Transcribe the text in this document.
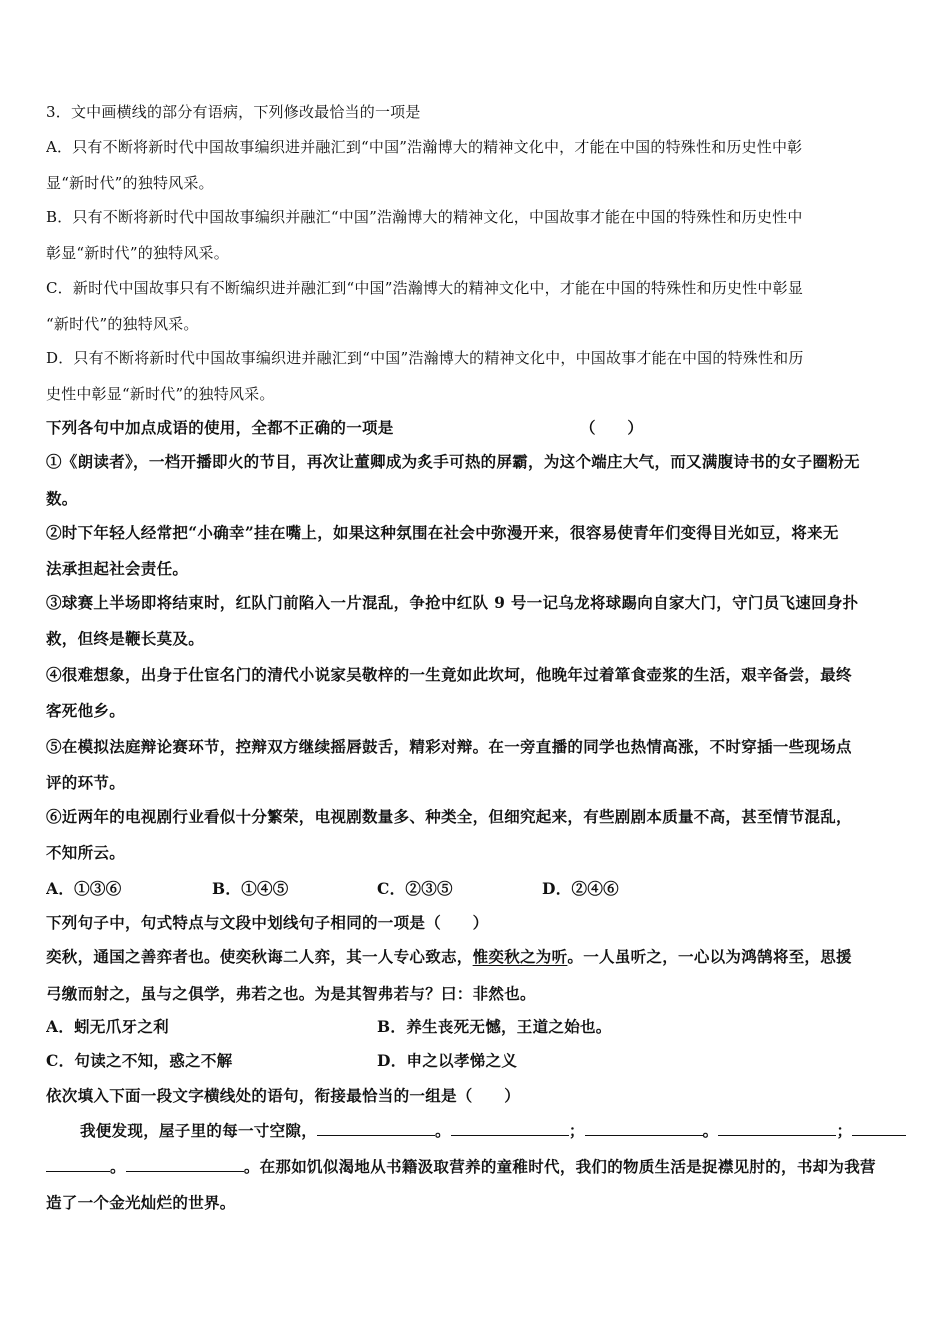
3．文中画横线的部分有语病，下列修改最恰当的一项是
A．只有不断将新时代中国故事编织进并融汇到“中国”浩瀚博大的精神文化中，才能在中国的特殊性和历史性中彰
显“新时代”的独特风采。
B．只有不断将新时代中国故事编织并融汇“中国”浩瀚博大的精神文化，中国故事才能在中国的特殊性和历史性中
彰显“新时代”的独特风采。
C．新时代中国故事只有不断编织进并融汇到“中国”浩瀚博大的精神文化中，才能在中国的特殊性和历史性中彰显
“新时代”的独特风采。
D．只有不断将新时代中国故事编织进并融汇到“中国”浩瀚博大的精神文化中，中国故事才能在中国的特殊性和历
史性中彰显“新时代”的独特风采。
下列各句中加点成语的使用，全都不正确的一项是	（　　）
①《朗读者》，一档开播即火的节目，再次让董卿成为炙手可热的屏霸，为这个端庄大气，而又满腹诗书的女子圈粉无
数。
②时下年轻人经常把“小确幸”挂在嘴上，如果这种氛围在社会中弥漫开来，很容易使青年们变得目光如豆，将来无
法承担起社会责任。
③球赛上半场即将结束时，红队门前陷入一片混乱，争抢中红队 9 号一记乌龙将球踢向自家大门，守门员飞速回身扑
救，但终是鞭长莫及。
④很难想象，出身于仕宦名门的清代小说家吴敬梓的一生竟如此坎坷，他晚年过着箪食壶浆的生活，艰辛备尝，最终
客死他乡。
⑤在模拟法庭辩论赛环节，控辩双方继续摇唇鼓舌，精彩对辩。在一旁直播的同学也热情高涨，不时穿插一些现场点
评的环节。
⑥近两年的电视剧行业看似十分繁荣，电视剧数量多、种类全，但细究起来，有些剧剧本质量不高，甚至情节混乱，
不知所云。
A．①③⑥	B．①④⑤	C．②③⑤	D．②④⑥
下列句子中，句式特点与文段中划线句子相同的一项是（　　）
奕秋，通国之善弈者也。使奕秋诲二人弈，其一人专心致志，惟奕秋之为听。一人虽听之，一心以为鸿鹄将至，思援
弓缴而射之，虽与之俱学，弗若之也。为是其智弗若与？曰：非然也。
A．蚓无爪牙之利	B．养生丧死无憾，王道之始也。
C．句读之不知，惑之不解	D．申之以孝悌之义
依次填入下面一段文字横线处的语句，衔接最恰当的一组是（　　）
我便发现，屋子里的每一寸空隙，	。	；	。	；
。	。在那如饥似渴地从书籍汲取营养的童稚时代，我们的物质生活是捉襟见肘的，书却为我营
造了一个金光灿烂的世界。
